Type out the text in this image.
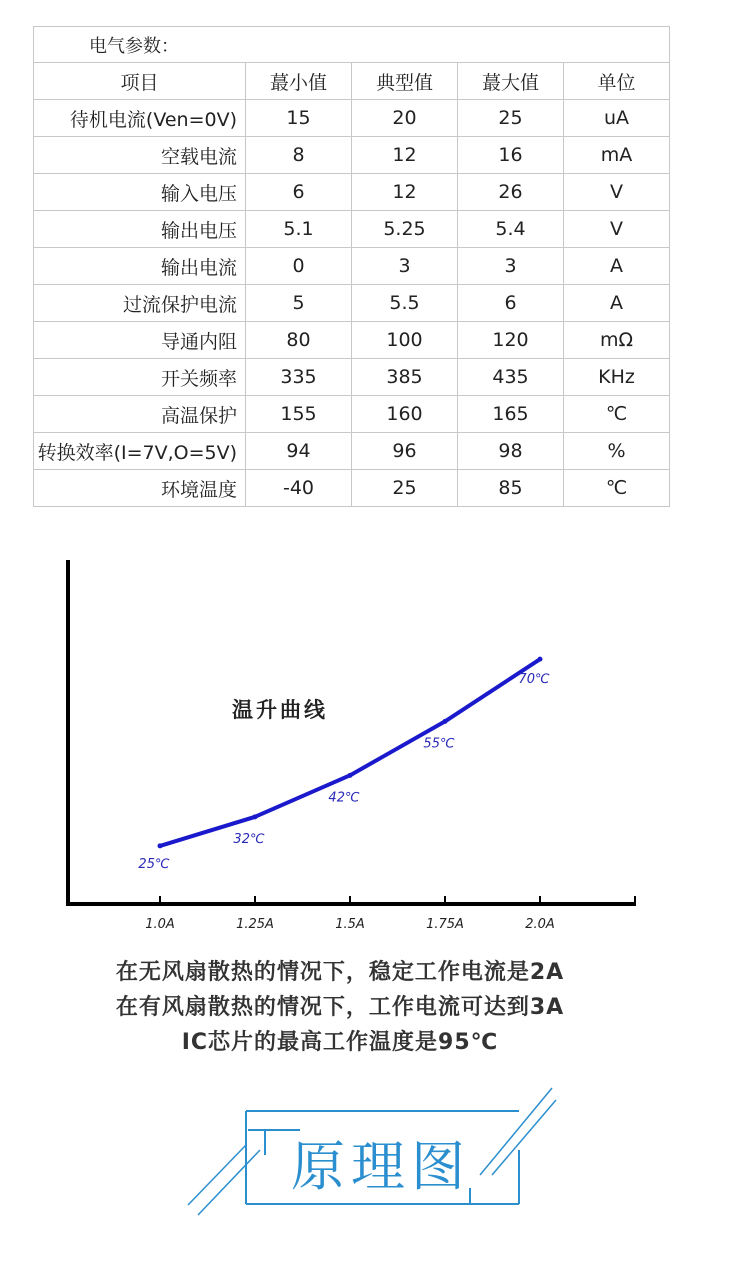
电气参数：				
项目	蕞小值	典型值	蕞大值	单位
待机电流(Ven=0V)	15	20	25	uA
空载电流	8	12	16	mA
输入电压	6	12	26	V
输出电压	5.1	5.25	5.4	V
输出电流	0	3	3	A
过流保护电流	5	5.5	6	A
导通内阻	80	100	120	mΩ
开关频率	335	385	435	KHz
高温保护	155	160	165	℃
转换效率(I=7V,O=5V)	94	96	98	%
环境温度	-40	25	85	℃
1.0A	1.25A	1.5A	1.75A	2.0A
25℃
32℃
42℃
55℃
70℃
温升曲线
在无风扇散热的情况下，稳定工作电流是2A
在有风扇散热的情况下，工作电流可达到3A
IC芯片的最高工作温度是95℃
原理图
